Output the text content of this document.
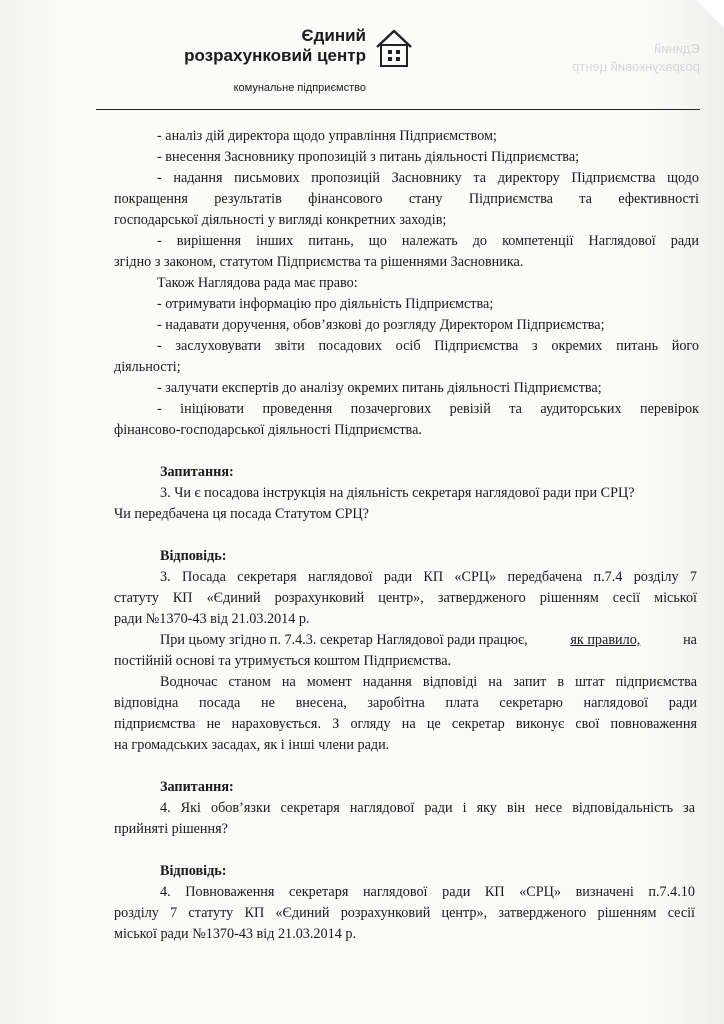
Єдиний
розрахунковий центр
Єдиний
розрахунковий центр
комунальне підприємство
- аналіз дій директора щодо управління Підприємством;
- внесення Засновнику пропозицій з питань діяльності Підприємства;
- надання письмових пропозицій Засновнику та директору Підприємства щодо
покращення результатів фінансового стану Підприємства та ефективності
господарської діяльності у вигляді конкретних заходів;
- вирішення інших питань, що належать до компетенції Наглядової ради
згідно з законом, статутом Підприємства та рішеннями Засновника.
Також Наглядова рада має право:
- отримувати інформацію про діяльність Підприємства;
- надавати доручення, обов’язкові до розгляду Директором Підприємства;
- заслуховувати звіти посадових осіб Підприємства з окремих питань його
діяльності;
- залучати експертів до аналізу окремих питань діяльності Підприємства;
- ініціювати проведення позачергових ревізій та аудиторських перевірок
фінансово-господарської діяльності Підприємства.
Запитання:
3. Чи є посадова інструкція на діяльність секретаря наглядової ради при СРЦ?
Чи передбачена ця посада Статутом СРЦ?
Відповідь:
3. Посада секретаря наглядової ради КП «СРЦ» передбачена п.7.4 розділу 7
статуту КП «Єдиний розрахунковий центр», затвердженого рішенням сесії міської
ради №1370-43 від 21.03.2014 р.
При цьому згідно п. 7.4.3. секретар Наглядової ради працює,	як правило,	на
постійній основі та утримується коштом Підприємства.
Водночас станом на момент надання відповіді на запит в штат підприємства
відповідна посада не внесена, заробітна плата секретарю наглядової ради
підприємства не нараховується. З огляду на це секретар виконує свої повноваження
на громадських засадах, як і інші члени ради.
Запитання:
4. Які обов’язки секретаря наглядової ради і яку він несе відповідальність за
прийняті рішення?
Відповідь:
4. Повноваження секретаря наглядової ради КП «СРЦ» визначені п.7.4.10
розділу 7 статуту КП «Єдиний розрахунковий центр», затвердженого рішенням сесії
міської ради №1370-43 від 21.03.2014 р.
